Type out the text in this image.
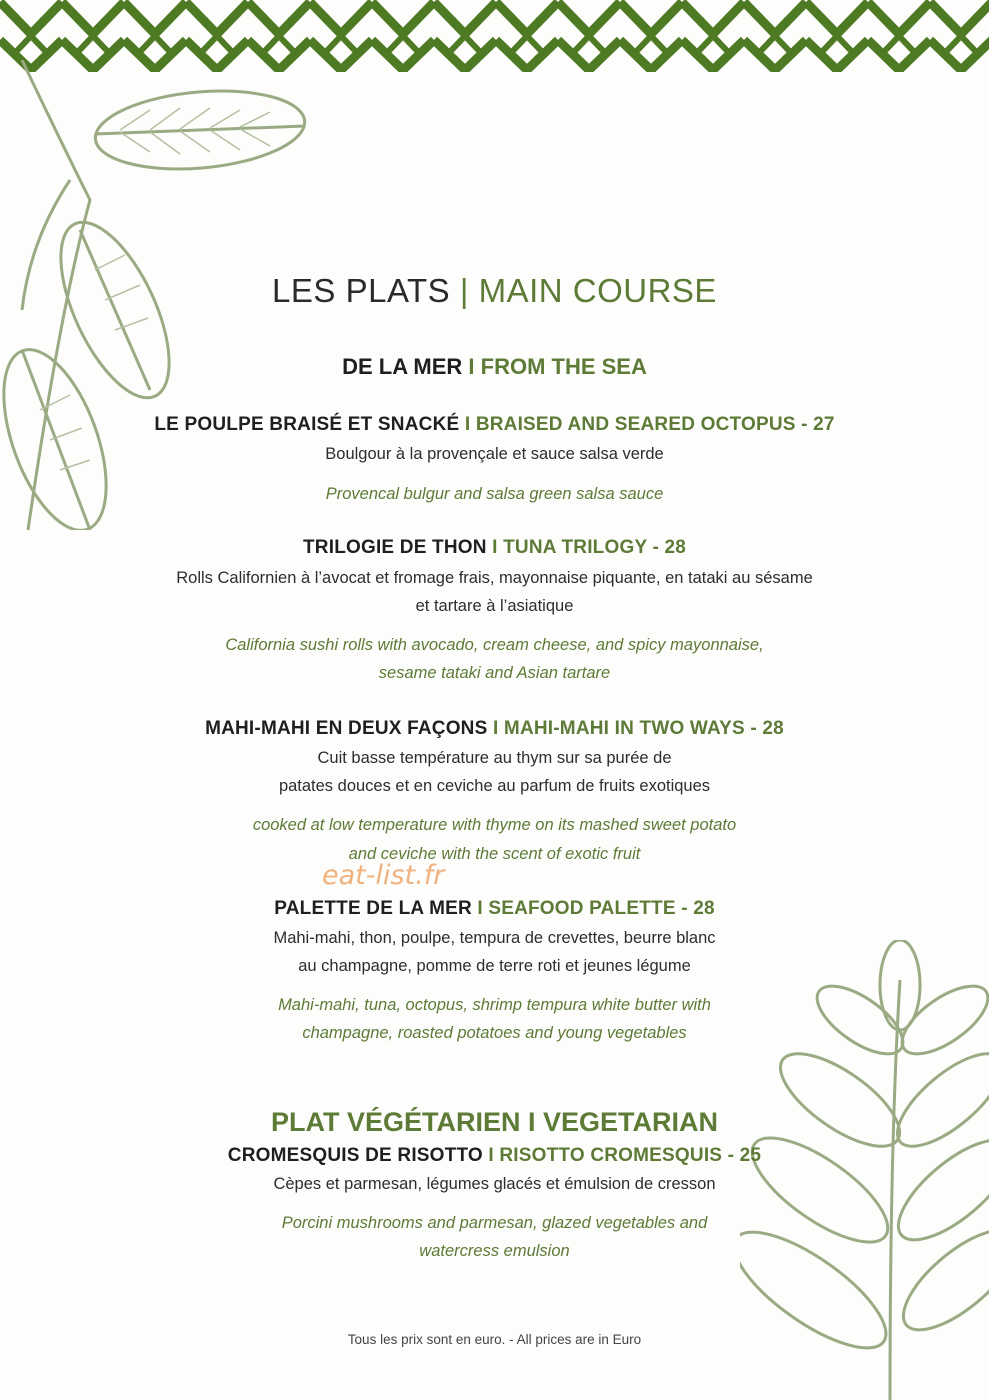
LES PLATS | MAIN COURSE
DE LA MER I FROM THE SEA
LE POULPE BRAISÉ ET SNACKÉ I BRAISED AND SEARED OCTOPUS - 27
Boulgour à la provençale et sauce salsa verde
Provencal bulgur and salsa green salsa sauce
TRILOGIE DE THON I TUNA TRILOGY - 28
Rolls Californien à l’avocat et fromage frais, mayonnaise piquante, en tataki au sésame
et tartare à l’asiatique
California sushi rolls with avocado, cream cheese, and spicy mayonnaise,
sesame tataki and Asian tartare
MAHI-MAHI EN DEUX FAÇONS I MAHI-MAHI IN TWO WAYS - 28
Cuit basse température au thym sur sa purée de
patates douces et en ceviche au parfum de fruits exotiques
cooked at low temperature with thyme on its mashed sweet potato
and ceviche with the scent of exotic fruit
eat-list.fr
PALETTE DE LA MER I SEAFOOD PALETTE - 28
Mahi-mahi, thon, poulpe, tempura de crevettes, beurre blanc
au champagne, pomme de terre roti et jeunes légume
Mahi-mahi, tuna, octopus, shrimp tempura white butter with
champagne, roasted potatoes and young vegetables
PLAT VÉGÉTARIEN I VEGETARIAN
CROMESQUIS DE RISOTTO I RISOTTO CROMESQUIS - 25
Cèpes et parmesan, légumes glacés et émulsion de cresson
Porcini mushrooms and parmesan, glazed vegetables and
watercress emulsion
Tous les prix sont en euro. - All prices are in Euro
